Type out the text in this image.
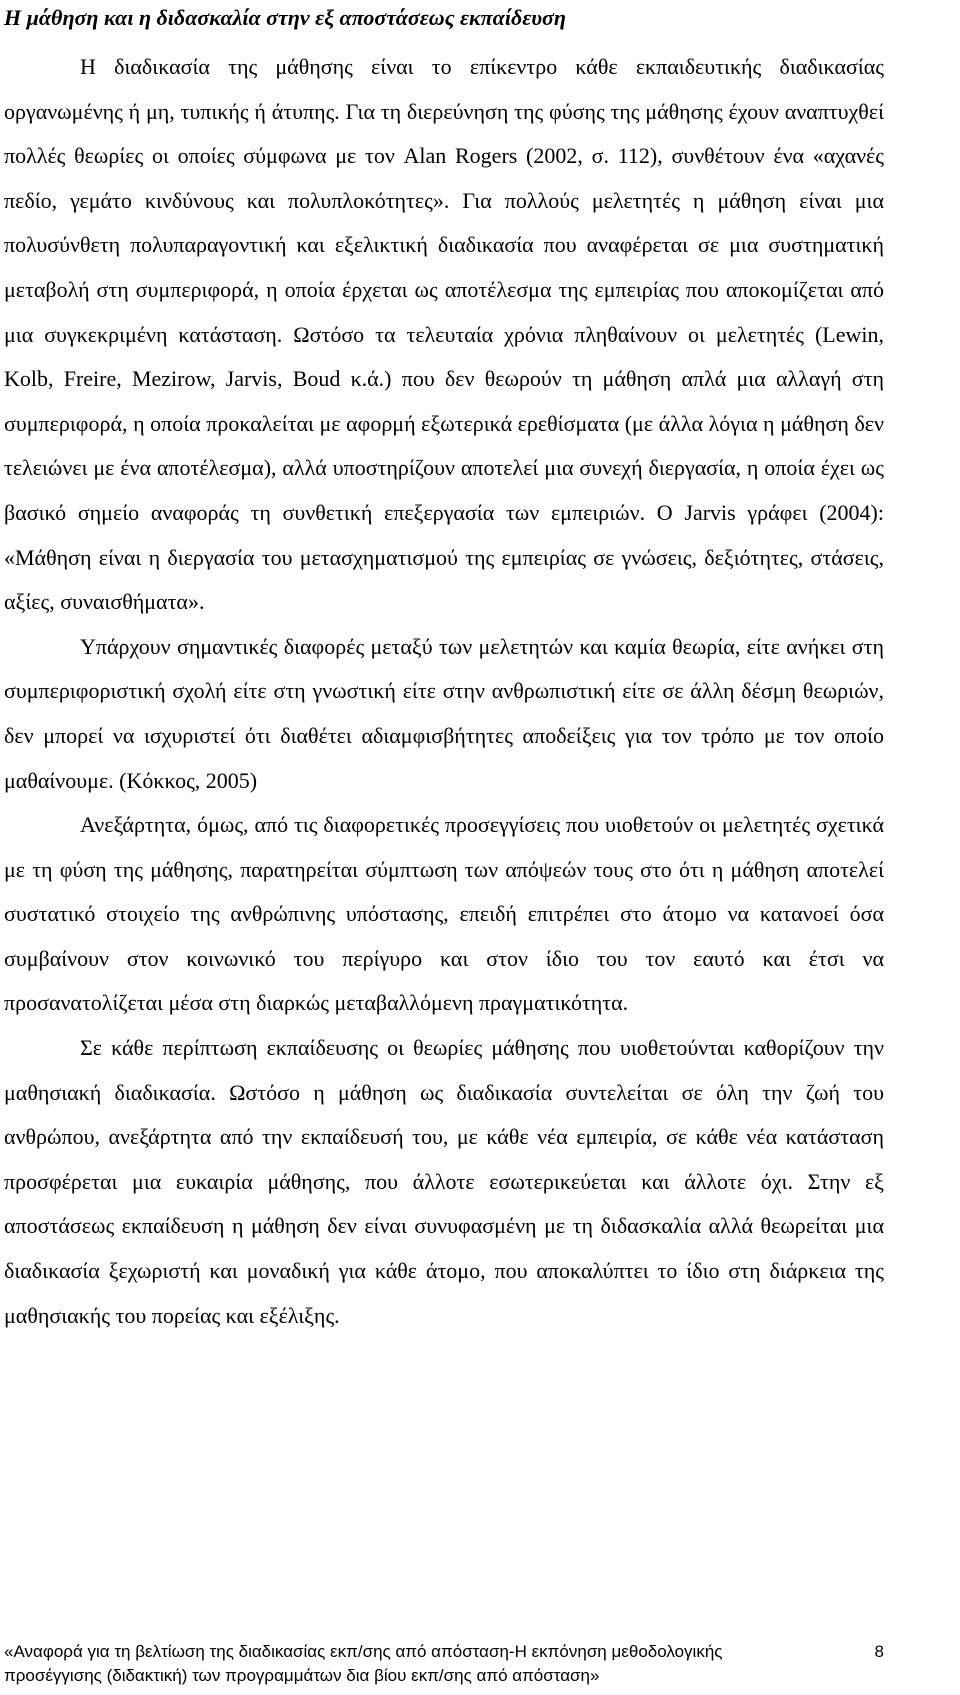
Η μάθηση και η διδασκαλία στην εξ αποστάσεως εκπαίδευση

Η διαδικασία της μάθησης είναι το επίκεντρο κάθε εκπαιδευτικής διαδικασίας οργανωμένης ή μη, τυπικής ή άτυπης. Για τη διερεύνηση της φύσης της μάθησης έχουν αναπτυχθεί πολλές θεωρίες οι οποίες σύμφωνα με τον Alan Rogers (2002, σ. 112), συνθέτουν ένα «αχανές πεδίο, γεμάτο κινδύνους και πολυπλοκότητες». Για πολλούς μελετητές η μάθηση είναι μια πολυσύνθετη πολυπαραγοντική και εξελικτική διαδικασία που αναφέρεται σε μια συστηματική μεταβολή στη συμπεριφορά, η οποία έρχεται ως αποτέλεσμα της εμπειρίας που αποκομίζεται από μια συγκεκριμένη κατάσταση. Ωστόσο τα τελευταία χρόνια πληθαίνουν οι μελετητές (Lewin, Kolb, Freire, Mezirow, Jarvis, Boud κ.ά.) που δεν θεωρούν τη μάθηση απλά μια αλλαγή στη συμπεριφορά, η οποία προκαλείται με αφορμή εξωτερικά ερεθίσματα (με άλλα λόγια η μάθηση δεν τελειώνει με ένα αποτέλεσμα), αλλά υποστηρίζουν αποτελεί μια συνεχή διεργασία, η οποία έχει ως βασικό σημείο αναφοράς τη συνθετική επεξεργασία των εμπειριών. Ο Jarvis γράφει (2004): «Μάθηση είναι η διεργασία του μετασχηματισμού της εμπειρίας σε γνώσεις, δεξιότητες, στάσεις, αξίες, συναισθήματα».

Υπάρχουν σημαντικές διαφορές μεταξύ των μελετητών και καμία θεωρία, είτε ανήκει στη συμπεριφοριστική σχολή είτε στη γνωστική είτε στην ανθρωπιστική είτε σε άλλη δέσμη θεωριών, δεν μπορεί να ισχυριστεί ότι διαθέτει αδιαμφισβήτητες αποδείξεις για τον τρόπο με τον οποίο μαθαίνουμε. (Κόκκος, 2005)

Ανεξάρτητα, όμως, από τις διαφορετικές προσεγγίσεις που υιοθετούν οι μελετητές σχετικά με τη φύση της μάθησης, παρατηρείται σύμπτωση των απόψεών τους στο ότι η μάθηση αποτελεί συστατικό στοιχείο της ανθρώπινης υπόστασης, επειδή επιτρέπει στο άτομο να κατανοεί όσα συμβαίνουν στον κοινωνικό του περίγυρο και στον ίδιο του τον εαυτό και έτσι να προσανατολίζεται μέσα στη διαρκώς μεταβαλλόμενη πραγματικότητα.

Σε κάθε περίπτωση εκπαίδευσης οι θεωρίες μάθησης που υιοθετούνται καθορίζουν την μαθησιακή διαδικασία. Ωστόσο η μάθηση ως διαδικασία συντελείται σε όλη την ζωή του ανθρώπου, ανεξάρτητα από την εκπαίδευσή του, με κάθε νέα εμπειρία, σε κάθε νέα κατάσταση προσφέρεται μια ευκαιρία μάθησης, που άλλοτε εσωτερικεύεται και άλλοτε όχι. Στην εξ αποστάσεως εκπαίδευση η μάθηση δεν είναι συνυφασμένη με τη διδασκαλία αλλά θεωρείται μια διαδικασία ξεχωριστή και μοναδική για κάθε άτομο, που αποκαλύπτει το ίδιο στη διάρκεια της μαθησιακής του πορείας και εξέλιξης.

«Αναφορά για τη βελτίωση της διαδικασίας εκπ/σης από απόσταση-Η εκπόνηση μεθοδολογικής
προσέγγισης (διδακτική) των προγραμμάτων δια βίου εκπ/σης από απόσταση»
8
